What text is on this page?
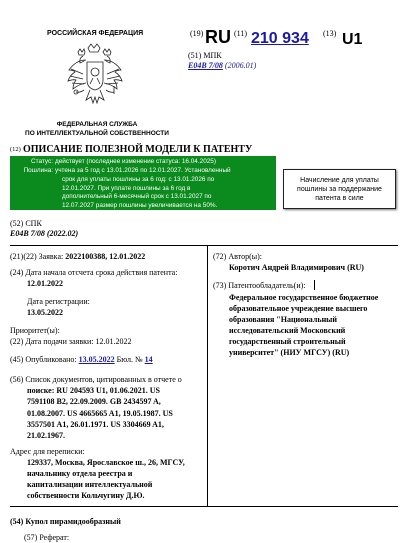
РОССИЙСКАЯ ФЕДЕРАЦИЯ
ФЕДЕРАЛЬНАЯ СЛУЖБА
ПО ИНТЕЛЛЕКТУАЛЬНОЙ СОБСТВЕННОСТИ
(19) RU (11) 210 934 (13) U1
(51) МПК
E04B 7/08 (2006.01)
(12) ОПИСАНИЕ ПОЛЕЗНОЙ МОДЕЛИ К ПАТЕНТУ
Статус: действует (последнее изменение статуса: 16.04.2025)
Пошлина: учтена за 5 год с 13.01.2026 по 12.01.2027. Установленный
срок для уплаты пошлины за 6 год: с 13.01.2026 по
12.01.2027. При уплате пошлины за 6 год в
дополнительный 6-месячный срок с 13.01.2027 по
12.07.2027 размер пошлины увеличивается на 50%.
Начисление для уплаты
пошлины за поддержание
патента в силе
(52) СПК
E04B 7/08 (2022.02)
(21)(22) Заявка: 2022100388, 12.01.2022
(24) Дата начала отсчета срока действия патента:
12.01.2022
Дата регистрации:
13.05.2022
Приоритет(ы):
(22) Дата подачи заявки: 12.01.2022
(45) Опубликовано: 13.05.2022 Бюл. № 14
(56) Список документов, цитированных в отчете о
поиске: RU 204593 U1, 01.06.2021. US
7591108 B2, 22.09.2009. GB 2434597 A,
01.08.2007. US 4665665 A1, 19.05.1987. US
3557501 A1, 26.01.1971. US 3304669 A1,
21.02.1967.
Адрес для переписки:
129337, Москва, Ярославское ш., 26, МГСУ,
начальнику отдела реестра и
капитализации интеллектуальной
собственности Кольчугину Д.Ю.
(72) Автор(ы):
Коротич Андрей Владимирович (RU)
(73) Патентообладатель(и):
Федеральное государственное бюджетное
образовательное учреждение высшего
образования "Национальный
исследовательский Московский
государственный строительный
университет" (НИУ МГСУ) (RU)
(54) Купол пирамидообразный
(57) Реферат:
